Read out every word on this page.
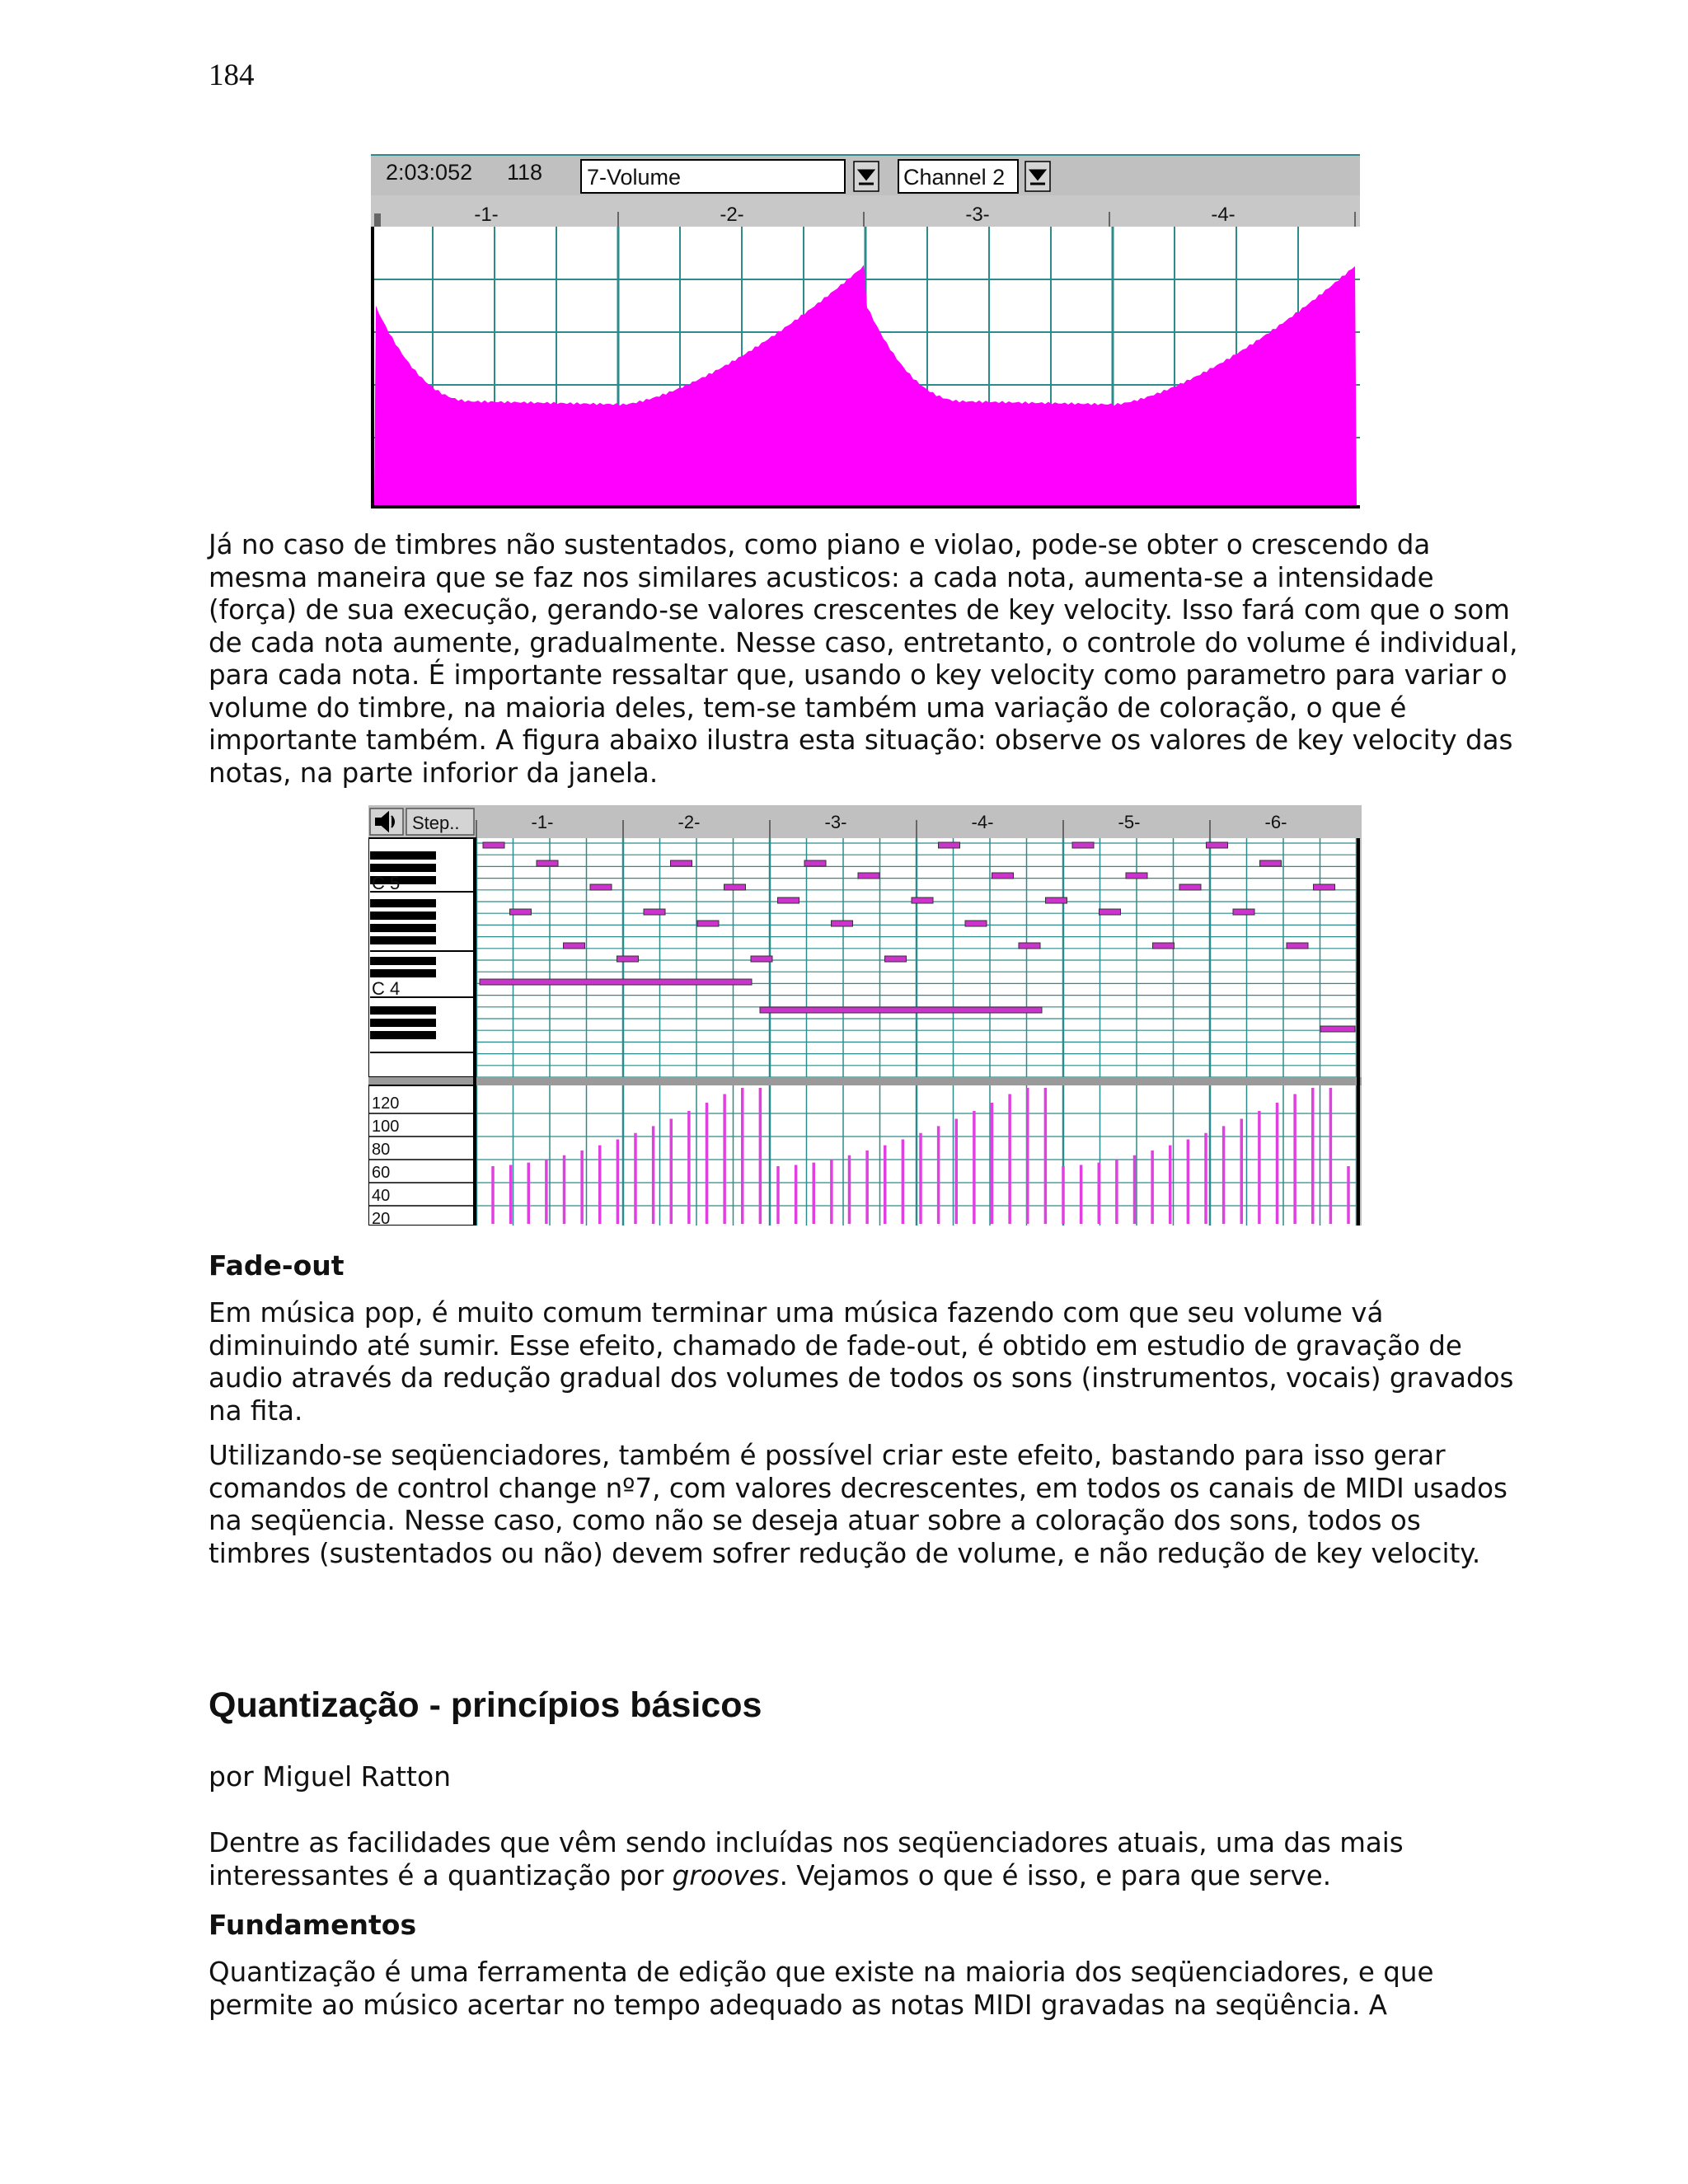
184
2:03:052 118 7-Volume	Channel 2
-1-	-2-	-3-	-4-

Já no caso de timbres não sustentados, como piano e violao, pode-se obter o crescendo da mesma maneira que se faz nos similares acusticos: a cada nota, aumenta-se a intensidade (força) de sua execução, gerando-se valores crescentes de key velocity. Isso fará com que o som de cada nota aumente, gradualmente. Nesse caso, entretanto, o controle do volume é individual, para cada nota. É importante ressaltar que, usando o key velocity como parametro para variar o volume do timbre, na maioria deles, tem-se também uma variação de coloração, o que é importante também. A figura abaixo ilustra esta situação: observe os valores de key velocity das notas, na parte inforior da janela.

Step..	-1-	-2-	-3-	-4-	-5-	-6-
C 5
C 4
120
100
80
60
40
20

Fade-out

Em música pop, é muito comum terminar uma música fazendo com que seu volume vá diminuindo até sumir. Esse efeito, chamado de fade-out, é obtido em estudio de gravação de audio através da redução gradual dos volumes de todos os sons (instrumentos, vocais) gravados na fita.

Utilizando-se seqüenciadores, também é possível criar este efeito, bastando para isso gerar comandos de control change nº7, com valores decrescentes, em todos os canais de MIDI usados na seqüencia. Nesse caso, como não se deseja atuar sobre a coloração dos sons, todos os timbres (sustentados ou não) devem sofrer redução de volume, e não redução de key velocity.

Quantização - princípios básicos

por Miguel Ratton

Dentre as facilidades que vêm sendo incluídas nos seqüenciadores atuais, uma das mais interessantes é a quantização por grooves. Vejamos o que é isso, e para que serve.

Fundamentos

Quantização é uma ferramenta de edição que existe na maioria dos seqüenciadores, e que permite ao músico acertar no tempo adequado as notas MIDI gravadas na seqüência. A
